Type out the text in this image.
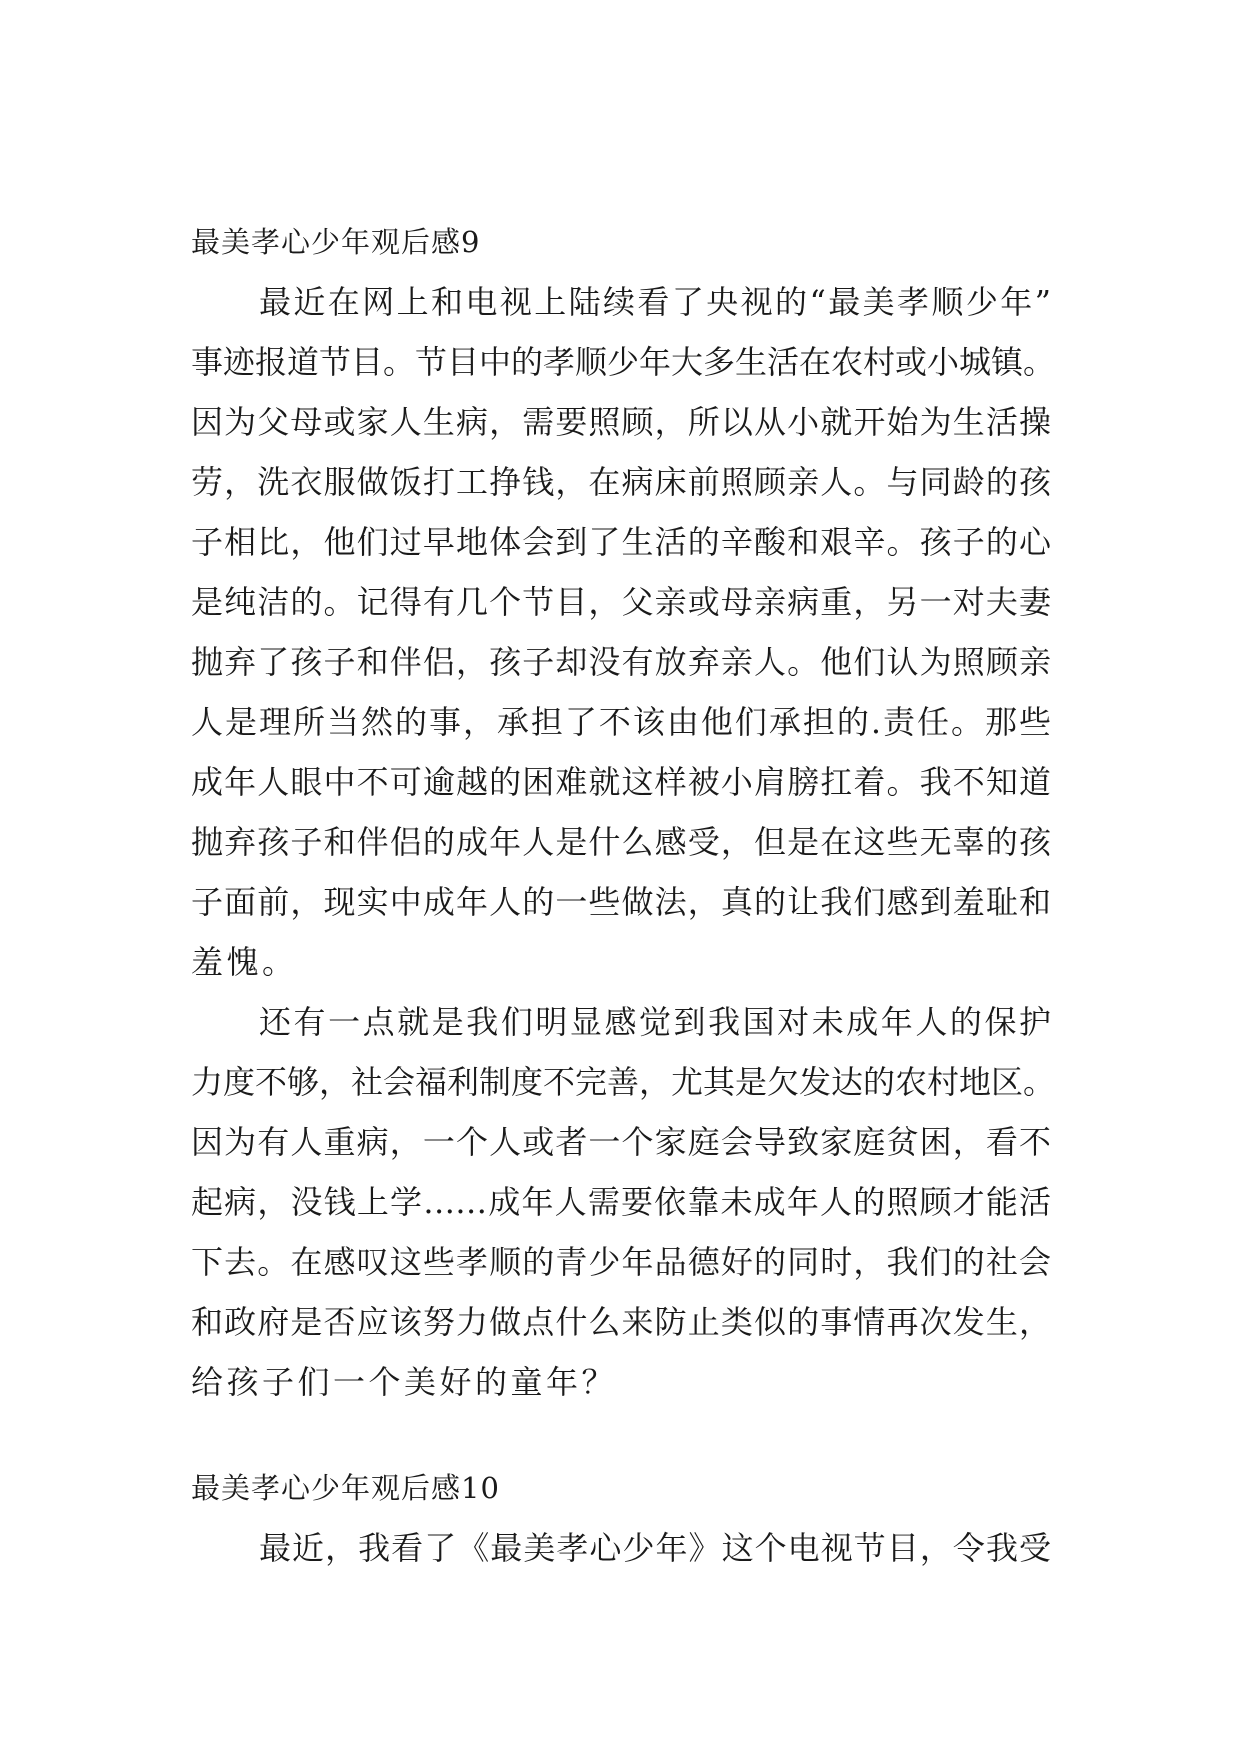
最美孝心少年观后感9
最近在网上和电视上陆续看了央视的“最美孝顺少年”
事迹报道节目。节目中的孝顺少年大多生活在农村或小城镇。
因为父母或家人生病，需要照顾，所以从小就开始为生活操
劳，洗衣服做饭打工挣钱，在病床前照顾亲人。与同龄的孩
子相比，他们过早地体会到了生活的辛酸和艰辛。孩子的心
是纯洁的。记得有几个节目，父亲或母亲病重，另一对夫妻
抛弃了孩子和伴侣，孩子却没有放弃亲人。他们认为照顾亲
人是理所当然的事，承担了不该由他们承担的.责任。那些
成年人眼中不可逾越的困难就这样被小肩膀扛着。我不知道
抛弃孩子和伴侣的成年人是什么感受，但是在这些无辜的孩
子面前，现实中成年人的一些做法，真的让我们感到羞耻和
羞愧。
还有一点就是我们明显感觉到我国对未成年人的保护
力度不够，社会福利制度不完善，尤其是欠发达的农村地区。
因为有人重病，一个人或者一个家庭会导致家庭贫困，看不
起病，没钱上学……成年人需要依靠未成年人的照顾才能活
下去。在感叹这些孝顺的青少年品德好的同时，我们的社会
和政府是否应该努力做点什么来防止类似的事情再次发生，
给孩子们一个美好的童年？
最美孝心少年观后感10
最近，我看了《最美孝心少年》这个电视节目，令我受
